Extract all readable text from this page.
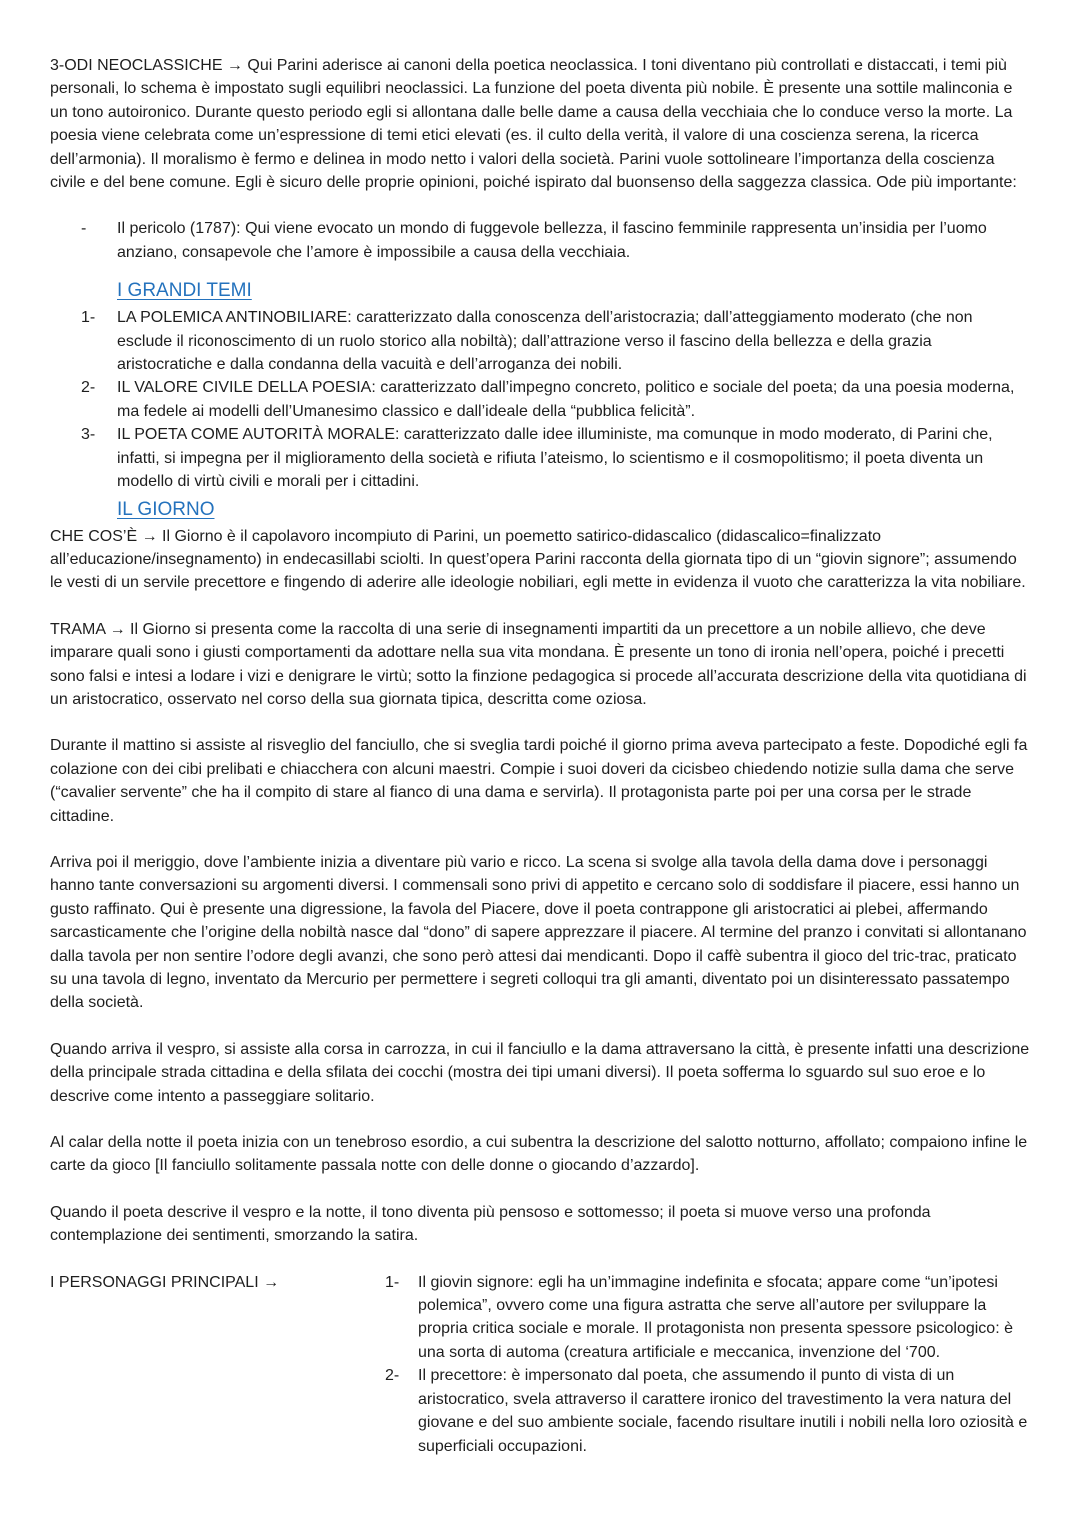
3-ODI NEOCLASSICHE → Qui Parini aderisce ai canoni della poetica neoclassica. I toni diventano più controllati e distaccati, i temi più personali, lo schema è impostato sugli equilibri neoclassici. La funzione del poeta diventa più nobile. È presente una sottile malinconia e un tono autoironico. Durante questo periodo egli si allontana dalle belle dame a causa della vecchiaia che lo conduce verso la morte. La poesia viene celebrata come un’espressione di temi etici elevati (es. il culto della verità, il valore di una coscienza serena, la ricerca dell’armonia). Il moralismo è fermo e delinea in modo netto i valori della società. Parini vuole sottolineare l’importanza della coscienza civile e del bene comune. Egli è sicuro delle proprie opinioni, poiché ispirato dal buonsenso della saggezza classica. Ode più importante:

-	Il pericolo (1787): Qui viene evocato un mondo di fuggevole bellezza, il fascino femminile rappresenta un’insidia per l’uomo anziano, consapevole che l’amore è impossibile a causa della vecchiaia.
I GRANDI TEMI
1-	LA POLEMICA ANTINOBILIARE: caratterizzato dalla conoscenza dell’aristocrazia; dall’atteggiamento moderato (che non esclude il riconoscimento di un ruolo storico alla nobiltà); dall’attrazione verso il fascino della bellezza e della grazia aristocratiche e dalla condanna della vacuità e dell’arroganza dei nobili.
2-	IL VALORE CIVILE DELLA POESIA: caratterizzato dall’impegno concreto, politico e sociale del poeta; da una poesia moderna, ma fedele ai modelli dell’Umanesimo classico e dall’ideale della “pubblica felicità”.
3-	IL POETA COME AUTORITÀ MORALE: caratterizzato dalle idee illuministe, ma comunque in modo moderato, di Parini che, infatti, si impegna per il miglioramento della società e rifiuta l’ateismo, lo scientismo e il cosmopolitismo; il poeta diventa un modello di virtù civili e morali per i cittadini.
IL GIORNO

CHE COS’È → Il Giorno è il capolavoro incompiuto di Parini, un poemetto satirico-didascalico (didascalico=finalizzato all’educazione/insegnamento) in endecasillabi sciolti. In quest’opera Parini racconta della giornata tipo di un “giovin signore”; assumendo le vesti di un servile precettore e fingendo di aderire alle ideologie nobiliari, egli mette in evidenza il vuoto che caratterizza la vita nobiliare.

TRAMA → Il Giorno si presenta come la raccolta di una serie di insegnamenti impartiti da un precettore a un nobile allievo, che deve imparare quali sono i giusti comportamenti da adottare nella sua vita mondana. È presente un tono di ironia nell’opera, poiché i precetti sono falsi e intesi a lodare i vizi e denigrare le virtù; sotto la finzione pedagogica si procede all’accurata descrizione della vita quotidiana di un aristocratico, osservato nel corso della sua giornata tipica, descritta come oziosa.

Durante il mattino si assiste al risveglio del fanciullo, che si sveglia tardi poiché il giorno prima aveva partecipato a feste. Dopodiché egli fa colazione con dei cibi prelibati e chiacchera con alcuni maestri. Compie i suoi doveri da cicisbeo chiedendo notizie sulla dama che serve (“cavalier servente” che ha il compito di stare al fianco di una dama e servirla). Il protagonista parte poi per una corsa per le strade cittadine.

Arriva poi il meriggio, dove l’ambiente inizia a diventare più vario e ricco. La scena si svolge alla tavola della dama dove i personaggi hanno tante conversazioni su argomenti diversi. I commensali sono privi di appetito e cercano solo di soddisfare il piacere, essi hanno un gusto raffinato. Qui è presente una digressione, la favola del Piacere, dove il poeta contrappone gli aristocratici ai plebei, affermando sarcasticamente che l’origine della nobiltà nasce dal “dono” di sapere apprezzare il piacere. Al termine del pranzo i convitati si allontanano dalla tavola per non sentire l’odore degli avanzi, che sono però attesi dai mendicanti. Dopo il caffè subentra il gioco del tric-trac, praticato su una tavola di legno, inventato da Mercurio per permettere i segreti colloqui tra gli amanti, diventato poi un disinteressato passatempo della società.

Quando arriva il vespro, si assiste alla corsa in carrozza, in cui il fanciullo e la dama attraversano la città, è presente infatti una descrizione della principale strada cittadina e della sfilata dei cocchi (mostra dei tipi umani diversi). Il poeta sofferma lo sguardo sul suo eroe e lo descrive come intento a passeggiare solitario.

Al calar della notte il poeta inizia con un tenebroso esordio, a cui subentra la descrizione del salotto notturno, affollato; compaiono infine le carte da gioco [Il fanciullo solitamente passala notte con delle donne o giocando d’azzardo].

Quando il poeta descrive il vespro e la notte, il tono diventa più pensoso e sottomesso; il poeta si muove verso una profonda contemplazione dei sentimenti, smorzando la satira.

I PERSONAGGI PRINCIPALI →	1-	Il giovin signore: egli ha un’immagine indefinita e sfocata; appare come “un’ipotesi polemica”, ovvero come una figura astratta che serve all’autore per sviluppare la propria critica sociale e morale. Il protagonista non presenta spessore psicologico: è una sorta di automa (creatura artificiale e meccanica, invenzione del ‘700.
2-	Il precettore: è impersonato dal poeta, che assumendo il punto di vista di un aristocratico, svela attraverso il carattere ironico del travestimento la vera natura del giovane e del suo ambiente sociale, facendo risultare inutili i nobili nella loro oziosità e superficiali occupazioni.
